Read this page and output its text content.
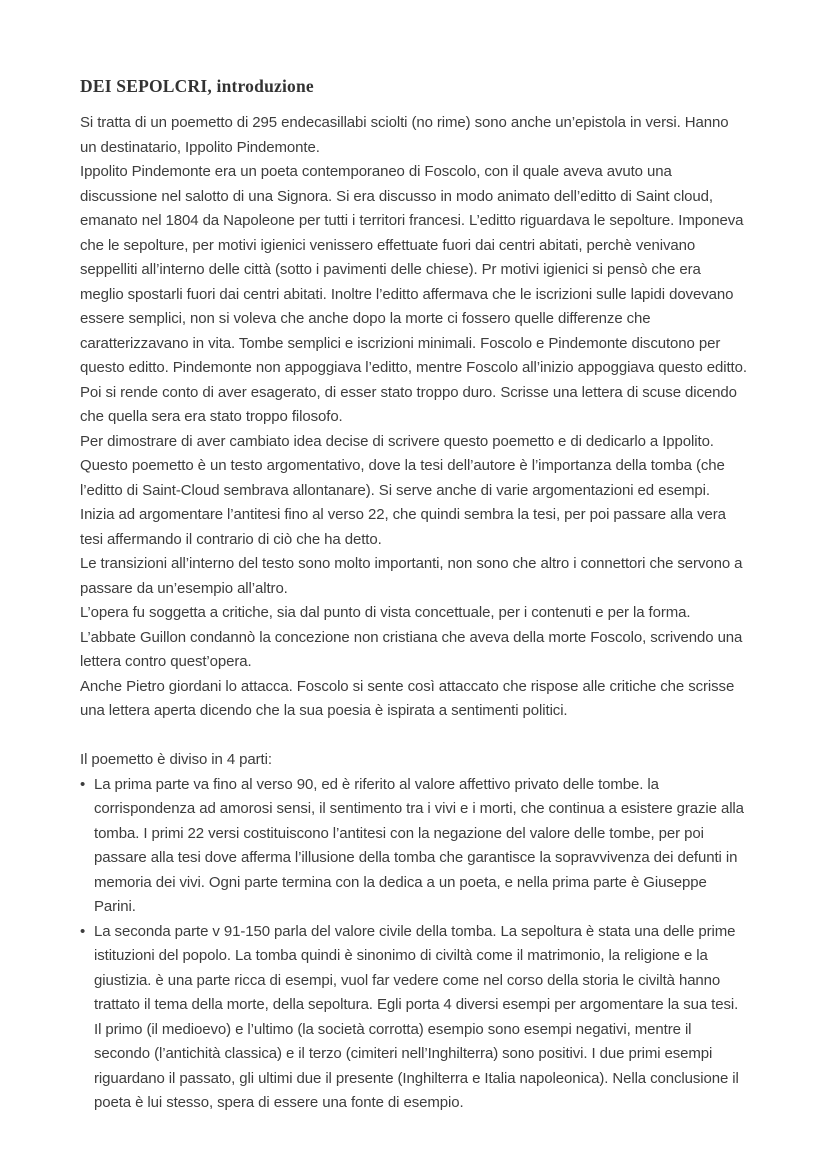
DEI SEPOLCRI, introduzione

Si tratta di un poemetto di 295 endecasillabi sciolti (no rime) sono anche un’epistola in versi. Hanno un destinatario, Ippolito Pindemonte.

Ippolito Pindemonte era un poeta contemporaneo di Foscolo, con il quale aveva avuto una discussione nel salotto di una Signora. Si era discusso in modo animato dell’editto di Saint cloud, emanato nel 1804 da Napoleone per tutti i territori francesi. L’editto riguardava le sepolture. Imponeva che le sepolture, per motivi igienici venissero effettuate fuori dai centri abitati, perchè venivano seppelliti all’interno delle città (sotto i pavimenti delle chiese). Pr motivi igienici si pensò che era meglio spostarli fuori dai centri abitati. Inoltre l’editto affermava che le iscrizioni sulle lapidi dovevano essere semplici, non si voleva che anche dopo la morte ci fossero quelle differenze che caratterizzavano in vita. Tombe semplici e iscrizioni minimali. Foscolo e Pindemonte discutono per questo editto. Pindemonte non appoggiava l’editto, mentre Foscolo all’inizio appoggiava questo editto.

Poi si rende conto di aver esagerato, di esser stato troppo duro. Scrisse una lettera di scuse dicendo che quella sera era stato troppo filosofo.

Per dimostrare di aver cambiato idea decise di scrivere questo poemetto e di dedicarlo a Ippolito. Questo poemetto è un testo argomentativo, dove la tesi dell’autore è l’importanza della tomba (che l’editto di Saint-Cloud sembrava allontanare). Si serve anche di varie argomentazioni ed esempi. Inizia ad argomentare l’antitesi fino al verso 22, che quindi sembra la tesi, per poi passare alla vera tesi affermando il contrario di ciò che ha detto.

Le transizioni all’interno del testo sono molto importanti, non sono che altro i connettori che servono a passare da un’esempio all’altro.

L’opera fu soggetta a critiche, sia dal punto di vista concettuale, per i contenuti e per la forma. L’abbate Guillon condannò la concezione non cristiana che aveva della morte Foscolo, scrivendo una lettera contro quest’opera.

Anche Pietro giordani lo attacca. Foscolo si sente così attaccato che rispose alle critiche che scrisse una lettera aperta dicendo che la sua poesia è ispirata a sentimenti politici.

Il poemetto è diviso in 4 parti:

• La prima parte va fino al verso 90, ed è riferito al valore affettivo privato delle tombe. la corrispondenza ad amorosi sensi, il sentimento tra i vivi e i morti, che continua a esistere grazie alla tomba. I primi 22 versi costituiscono l’antitesi con la negazione del valore delle tombe, per poi passare alla tesi dove afferma l’illusione della tomba che garantisce la sopravvivenza dei defunti in memoria dei vivi. Ogni parte termina con la dedica a un poeta, e nella prima parte è Giuseppe Parini.
• La seconda parte v 91-150 parla del valore civile della tomba. La sepoltura è stata una delle prime istituzioni del popolo. La tomba quindi è sinonimo di civiltà come il matrimonio, la religione e la giustizia. è una parte ricca di esempi, vuol far vedere come nel corso della storia le civiltà hanno trattato il tema della morte, della sepoltura. Egli porta 4 diversi esempi per argomentare la sua tesi. Il primo (il medioevo) e l’ultimo (la società corrotta) esempio sono esempi negativi, mentre il secondo (l’antichità classica) e il terzo (cimiteri nell’Inghilterra) sono positivi. I due primi esempi riguardano il passato, gli ultimi due il presente (Inghilterra e Italia napoleonica). Nella conclusione il poeta è lui stesso, spera di essere una fonte di esempio.
